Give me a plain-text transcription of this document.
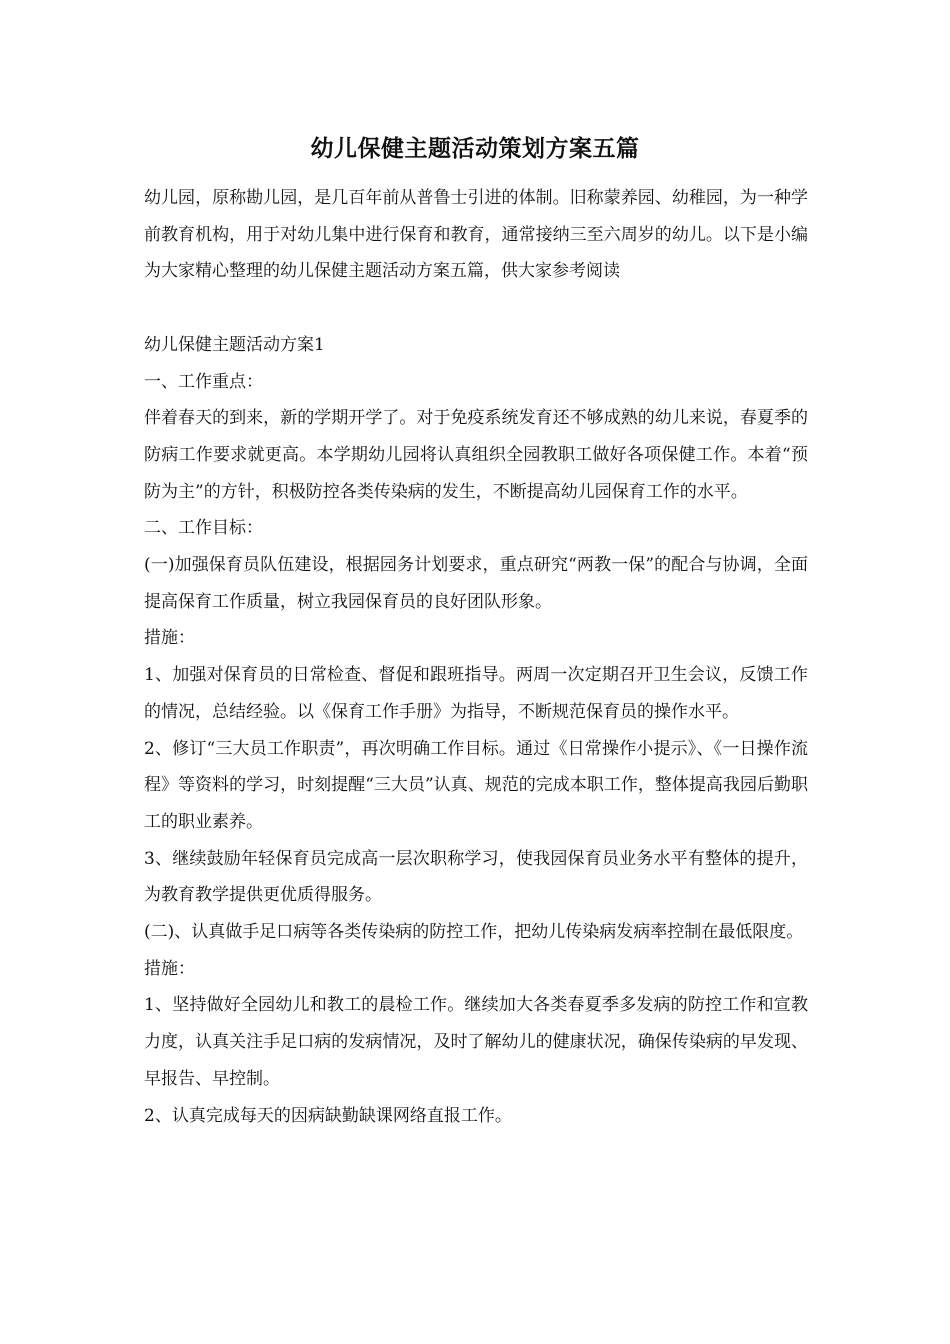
幼儿保健主题活动策划方案五篇

幼儿园，原称勘儿园，是几百年前从普鲁士引进的体制。旧称蒙养园、幼稚园，为一种学前教育机构，用于对幼儿集中进行保育和教育，通常接纳三至六周岁的幼儿。以下是小编为大家精心整理的幼儿保健主题活动方案五篇，供大家参考阅读

幼儿保健主题活动方案1

一、工作重点：

伴着春天的到来，新的学期开学了。对于免疫系统发育还不够成熟的幼儿来说，春夏季的防病工作要求就更高。本学期幼儿园将认真组织全园教职工做好各项保健工作。本着“预防为主”的方针，积极防控各类传染病的发生，不断提高幼儿园保育工作的水平。

二、工作目标：

(一)加强保育员队伍建设，根据园务计划要求，重点研究“两教一保”的配合与协调，全面提高保育工作质量，树立我园保育员的良好团队形象。

措施：

1、加强对保育员的日常检查、督促和跟班指导。两周一次定期召开卫生会议，反馈工作的情况，总结经验。以《保育工作手册》为指导，不断规范保育员的操作水平。

2、修订“三大员工作职责”，再次明确工作目标。通过《日常操作小提示》、《一日操作流程》等资料的学习，时刻提醒“三大员”认真、规范的完成本职工作，整体提高我园后勤职工的职业素养。

3、继续鼓励年轻保育员完成高一层次职称学习，使我园保育员业务水平有整体的提升，为教育教学提供更优质得服务。

(二)、认真做手足口病等各类传染病的防控工作，把幼儿传染病发病率控制在最低限度。

措施：

1、坚持做好全园幼儿和教工的晨检工作。继续加大各类春夏季多发病的防控工作和宣教力度，认真关注手足口病的发病情况，及时了解幼儿的健康状况，确保传染病的早发现、早报告、早控制。

2、认真完成每天的因病缺勤缺课网络直报工作。
